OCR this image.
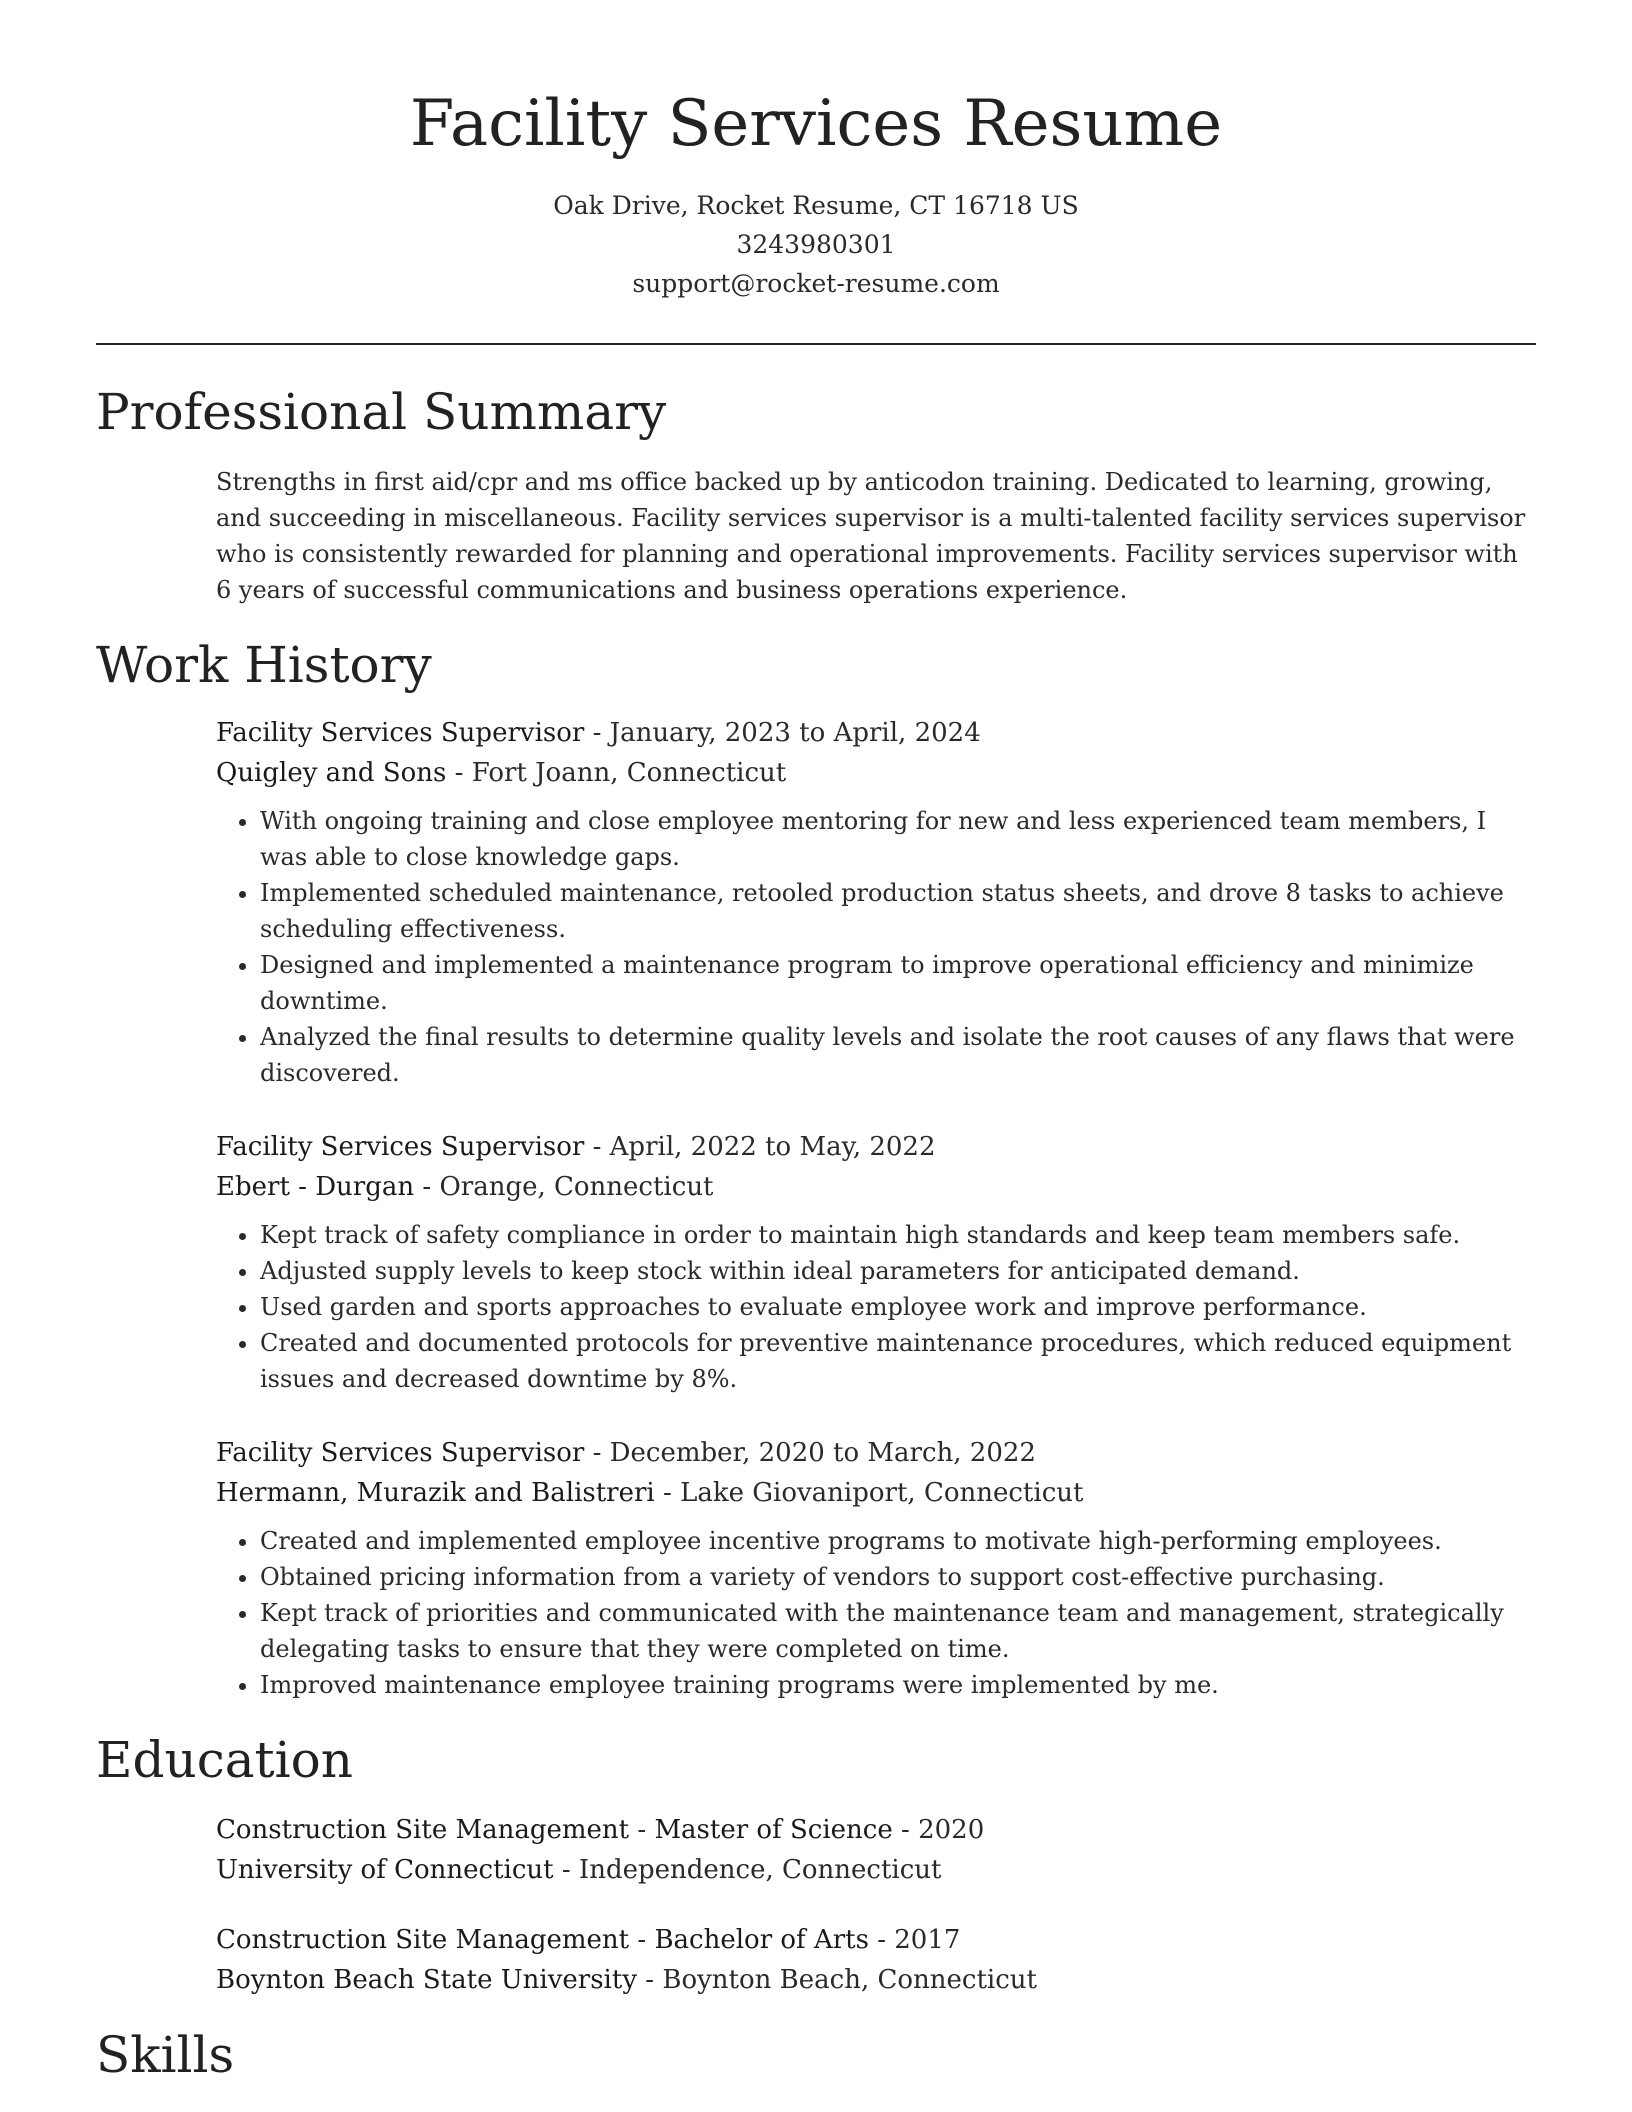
Facility Services Resume
Oak Drive, Rocket Resume, CT 16718 US
3243980301
support@rocket-resume.com
Professional Summary

Strengths in first aid/cpr and ms office backed up by anticodon training. Dedicated to learning, growing, and succeeding in miscellaneous. Facility services supervisor is a multi-talented facility services supervisor who is consistently rewarded for planning and operational improvements. Facility services supervisor with 6 years of successful communications and business operations experience.

Work History
Facility Services Supervisor - January, 2023 to April, 2024
Quigley and Sons - Fort Joann, Connecticut
• With ongoing training and close employee mentoring for new and less experienced team members, I was able to close knowledge gaps.
• Implemented scheduled maintenance, retooled production status sheets, and drove 8 tasks to achieve scheduling effectiveness.
• Designed and implemented a maintenance program to improve operational efficiency and minimize downtime.
• Analyzed the final results to determine quality levels and isolate the root causes of any flaws that were discovered.
Facility Services Supervisor - April, 2022 to May, 2022
Ebert - Durgan - Orange, Connecticut
• Kept track of safety compliance in order to maintain high standards and keep team members safe.
• Adjusted supply levels to keep stock within ideal parameters for anticipated demand.
• Used garden and sports approaches to evaluate employee work and improve performance.
• Created and documented protocols for preventive maintenance procedures, which reduced equipment issues and decreased downtime by 8%.
Facility Services Supervisor - December, 2020 to March, 2022
Hermann, Murazik and Balistreri - Lake Giovaniport, Connecticut
• Created and implemented employee incentive programs to motivate high-performing employees.
• Obtained pricing information from a variety of vendors to support cost-effective purchasing.
• Kept track of priorities and communicated with the maintenance team and management, strategically delegating tasks to ensure that they were completed on time.
• Improved maintenance employee training programs were implemented by me.
Education
Construction Site Management - Master of Science - 2020
University of Connecticut - Independence, Connecticut
Construction Site Management - Bachelor of Arts - 2017
Boynton Beach State University - Boynton Beach, Connecticut
Skills
